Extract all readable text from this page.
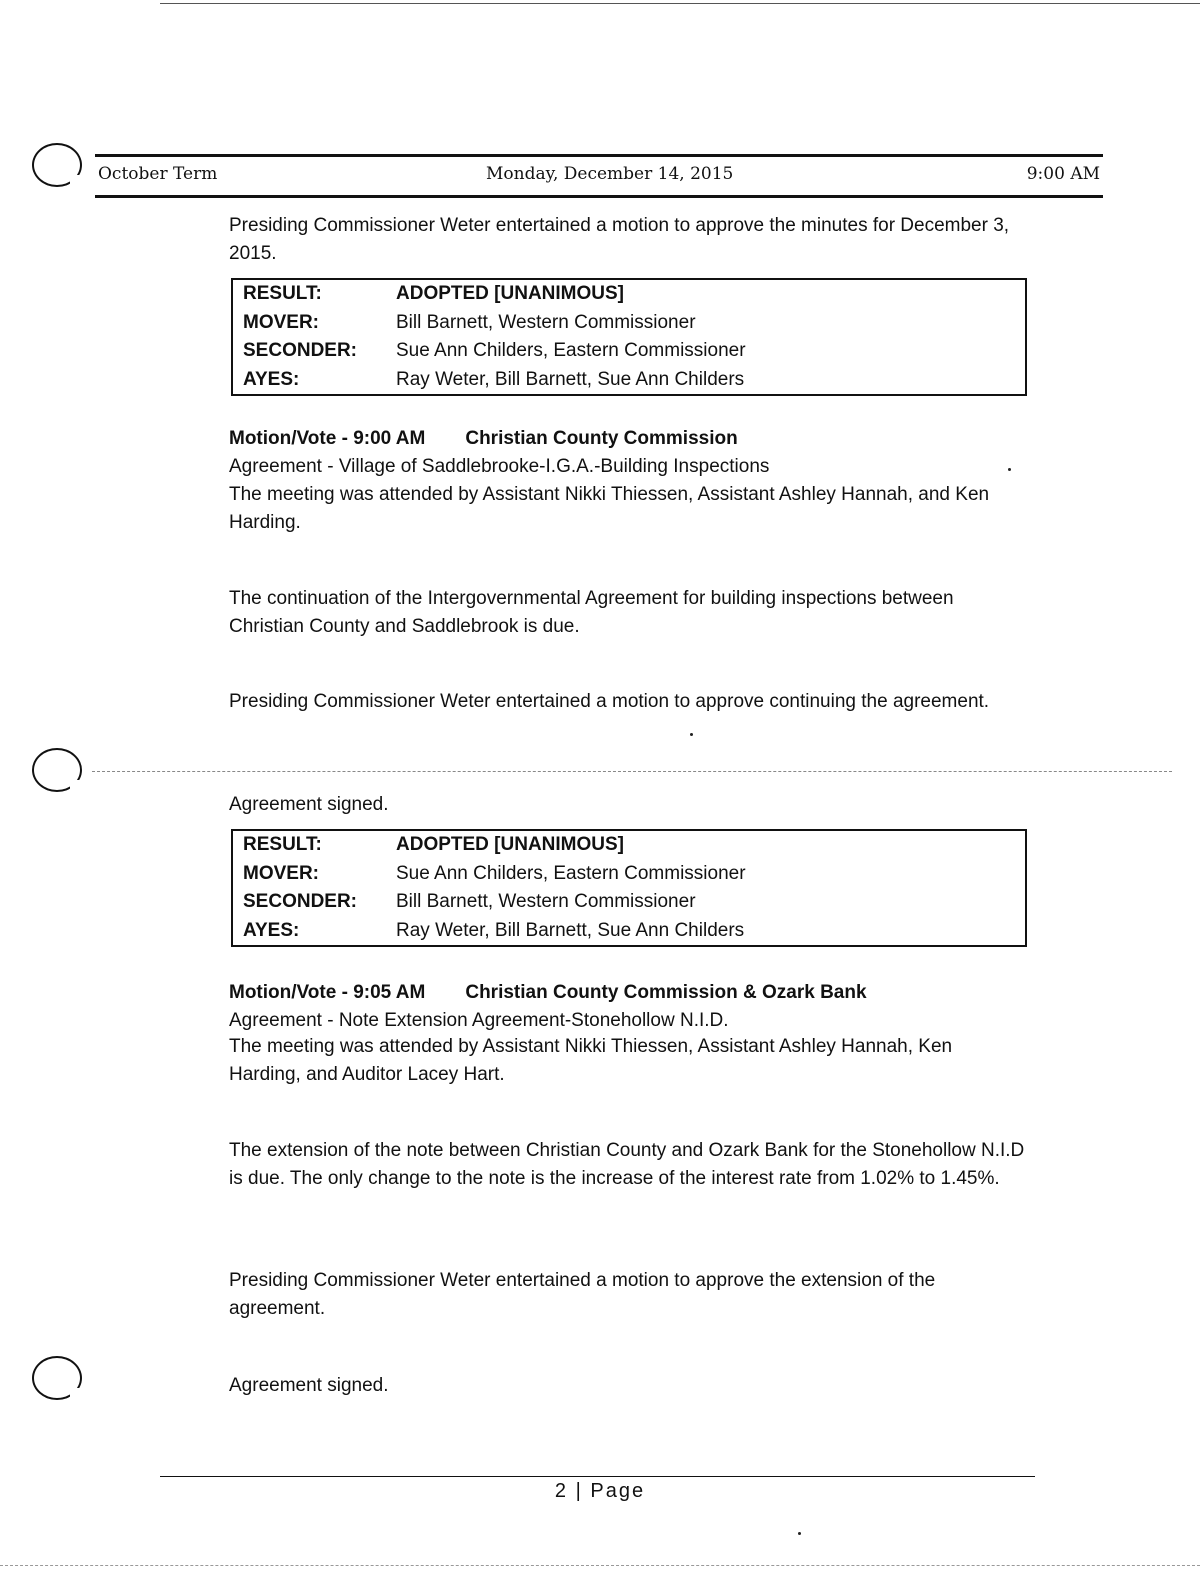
October Term	Monday, December 14, 2015	9:00 AM

Presiding Commissioner Weter entertained a motion to approve the minutes for December 3, 2015.

RESULT:	ADOPTED [UNANIMOUS]
MOVER:	Bill Barnett, Western Commissioner
SECONDER:	Sue Ann Childers, Eastern Commissioner
AYES:	Ray Weter, Bill Barnett, Sue Ann Childers

Motion/Vote - 9:00 AM Christian County Commission

Agreement - Village of Saddlebrooke-I.G.A.-Building Inspections

The meeting was attended by Assistant Nikki Thiessen, Assistant Ashley Hannah, and Ken Harding.

The continuation of the Intergovernmental Agreement for building inspections between Christian County and Saddlebrook is due.

Presiding Commissioner Weter entertained a motion to approve continuing the agreement.

Agreement signed.

RESULT:	ADOPTED [UNANIMOUS]
MOVER:	Sue Ann Childers, Eastern Commissioner
SECONDER:	Bill Barnett, Western Commissioner
AYES:	Ray Weter, Bill Barnett, Sue Ann Childers

Motion/Vote - 9:05 AM Christian County Commission & Ozark Bank

Agreement - Note Extension Agreement-Stonehollow N.I.D.

The meeting was attended by Assistant Nikki Thiessen, Assistant Ashley Hannah, Ken Harding, and Auditor Lacey Hart.

The extension of the note between Christian County and Ozark Bank for the Stonehollow N.I.D is due. The only change to the note is the increase of the interest rate from 1.02% to 1.45%.

Presiding Commissioner Weter entertained a motion to approve the extension of the agreement.

Agreement signed.

2 | Page
